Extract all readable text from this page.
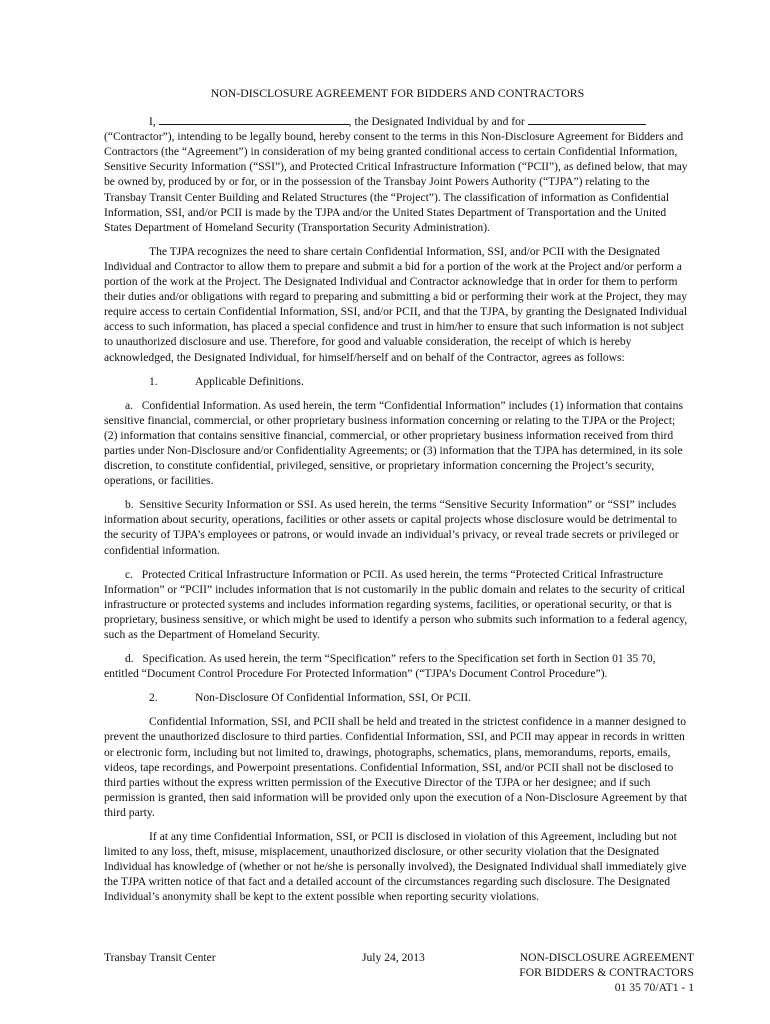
NON-DISCLOSURE AGREEMENT FOR BIDDERS AND CONTRACTORS

I,	, the Designated Individual by and for  (“Contractor”), intending to be legally bound, hereby consent to the terms in this Non-Disclosure Agreement for Bidders and Contractors (the “Agreement”) in consideration of my being granted conditional access to certain Confidential Information, Sensitive Security Information (“SSI”), and Protected Critical Infrastructure Information (“PCII”), as defined below, that may be owned by, produced by or for, or in the possession of the Transbay Joint Powers Authority (“TJPA”) relating to the Transbay Transit Center Building and Related Structures (the “Project”). The classification of information as Confidential Information, SSI, and/or PCII is made by the TJPA and/or the United States Department of Transportation and the United States Department of Homeland Security (Transportation Security Administration).

The TJPA recognizes the need to share certain Confidential Information, SSI, and/or PCII with the Designated Individual and Contractor to allow them to prepare and submit a bid for a portion of the work at the Project and/or perform a portion of the work at the Project. The Designated Individual and Contractor acknowledge that in order for them to perform their duties and/or obligations with regard to preparing and submitting a bid or performing their work at the Project, they may require access to certain Confidential Information, SSI, and/or PCII, and that the TJPA, by granting the Designated Individual access to such information, has placed a special confidence and trust in him/her to ensure that such information is not subject to unauthorized disclosure and use. Therefore, for good and valuable consideration, the receipt of which is hereby acknowledged, the Designated Individual, for himself/herself and on behalf of the Contractor, agrees as follows:

1.	Applicable Definitions.

a.   Confidential Information. As used herein, the term “Confidential Information” includes (1) information that contains sensitive financial, commercial, or other proprietary business information concerning or relating to the TJPA or the Project; (2) information that contains sensitive financial, commercial, or other proprietary business information received from third parties under Non-Disclosure and/or Confidentiality Agreements; or (3) information that the TJPA has determined, in its sole discretion, to constitute confidential, privileged, sensitive, or proprietary information concerning the Project’s security, operations, or facilities.

b.  Sensitive Security Information or SSI. As used herein, the terms “Sensitive Security Information” or “SSI” includes information about security, operations, facilities or other assets or capital projects whose disclosure would be detrimental to the security of TJPA’s employees or patrons, or would invade an individual’s privacy, or reveal trade secrets or privileged or confidential information.

c.   Protected Critical Infrastructure Information or PCII. As used herein, the terms “Protected Critical Infrastructure Information” or “PCII” includes information that is not customarily in the public domain and relates to the security of critical infrastructure or protected systems and includes information regarding systems, facilities, or operational security, or that is proprietary, business sensitive, or which might be used to identify a person who submits such information to a federal agency, such as the Department of Homeland Security.

d.   Specification. As used herein, the term “Specification” refers to the Specification set forth in Section 01 35 70, entitled “Document Control Procedure For Protected Information” (“TJPA’s Document Control Procedure”).

2.	Non-Disclosure Of Confidential Information, SSI, Or PCII.

Confidential Information, SSI, and PCII shall be held and treated in the strictest confidence in a manner designed to prevent the unauthorized disclosure to third parties. Confidential Information, SSI, and PCII may appear in records in written or electronic form, including but not limited to, drawings, photographs, schematics, plans, memorandums, reports, emails, videos, tape recordings, and Powerpoint presentations. Confidential Information, SSI, and/or PCII shall not be disclosed to third parties without the express written permission of the Executive Director of the TJPA or her designee; and if such permission is granted, then said information will be provided only upon the execution of a Non-Disclosure Agreement by that third party.

If at any time Confidential Information, SSI, or PCII is disclosed in violation of this Agreement, including but not limited to any loss, theft, misuse, misplacement, unauthorized disclosure, or other security violation that the Designated Individual has knowledge of (whether or not he/she is personally involved), the Designated Individual shall immediately give the TJPA written notice of that fact and a detailed account of the circumstances regarding such disclosure. The Designated Individual’s anonymity shall be kept to the extent possible when reporting security violations.

Transbay Transit Center	July 24, 2013	NON-DISCLOSURE AGREEMENT
FOR BIDDERS & CONTRACTORS
01 35 70/AT1 - 1
